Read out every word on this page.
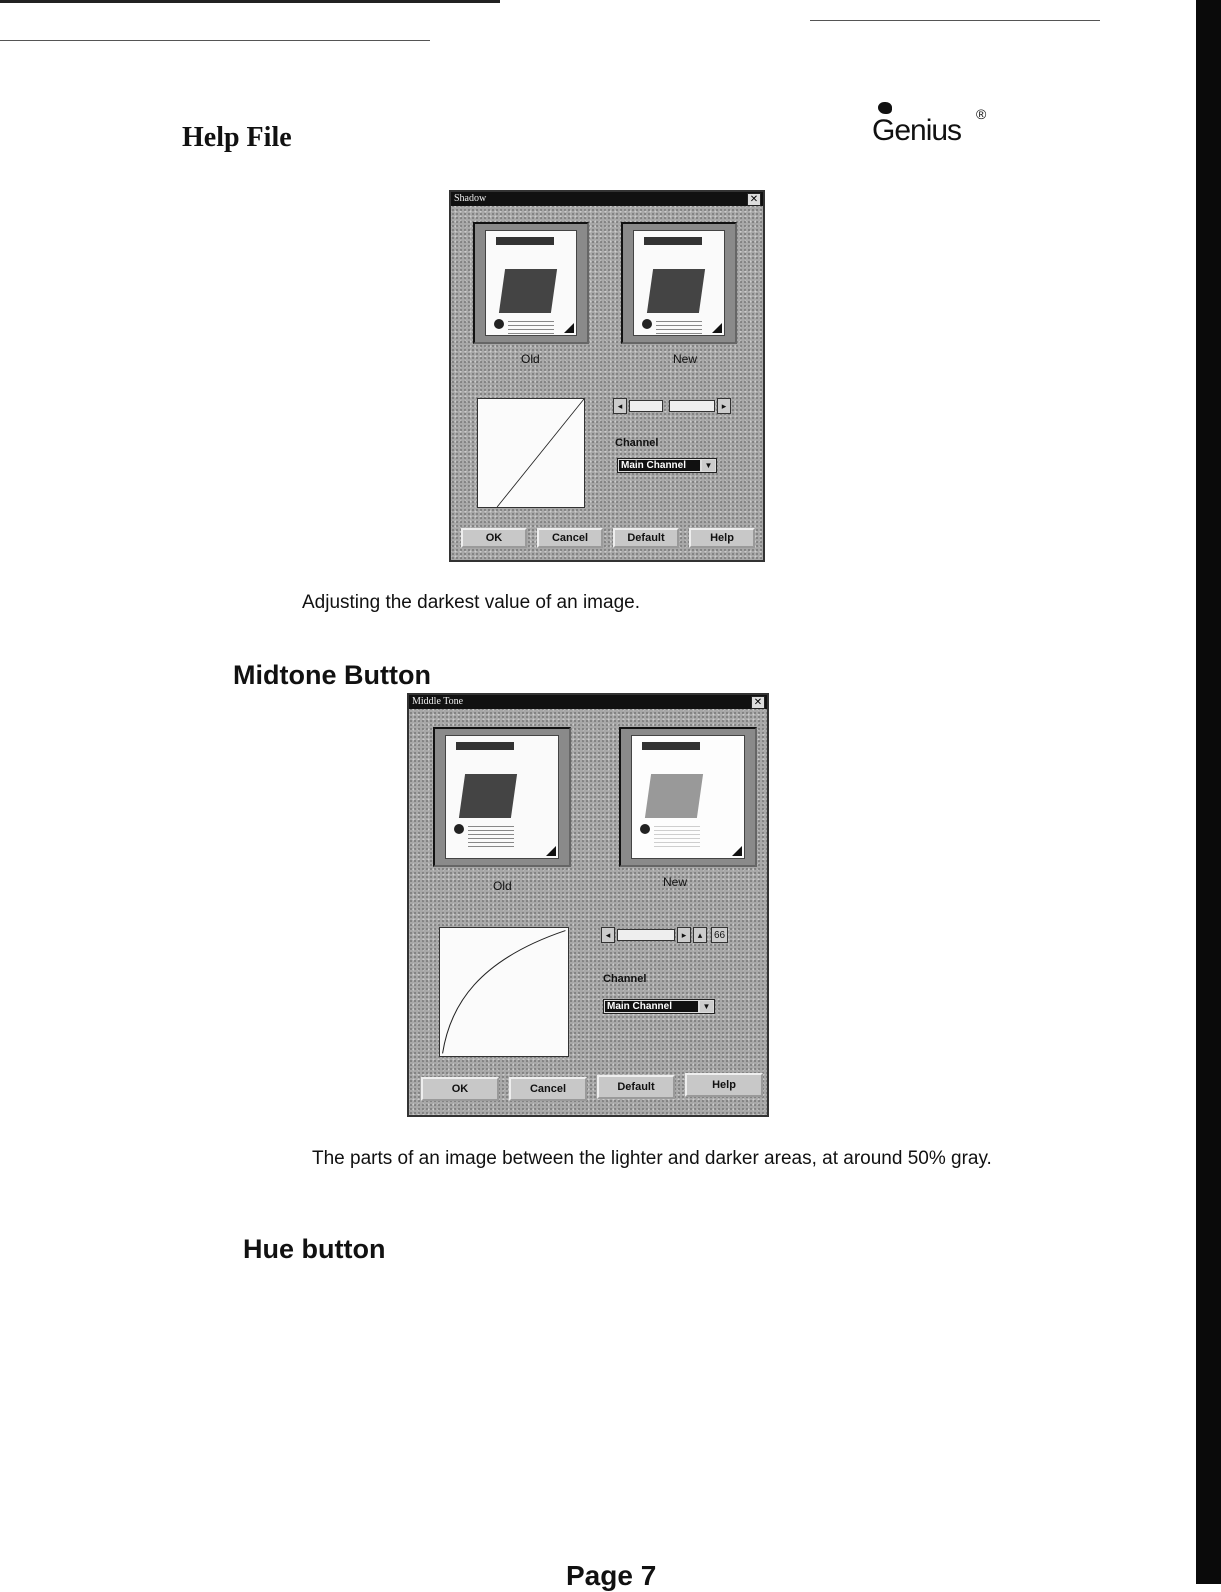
Help File	Genius ®
Shadow	✕
Old	New
◂	▸
Channel
Main Channel	▼
OK	Cancel	Default	Help
Adjusting the darkest value of an image.
Midtone Button
Middle Tone	✕
Old	New
◂	▸	▴	66
Channel
Main Channel	▼
OK	Cancel	Default	Help
The parts of an image between the lighter and darker areas, at around 50% gray.
Hue button
Page 7
